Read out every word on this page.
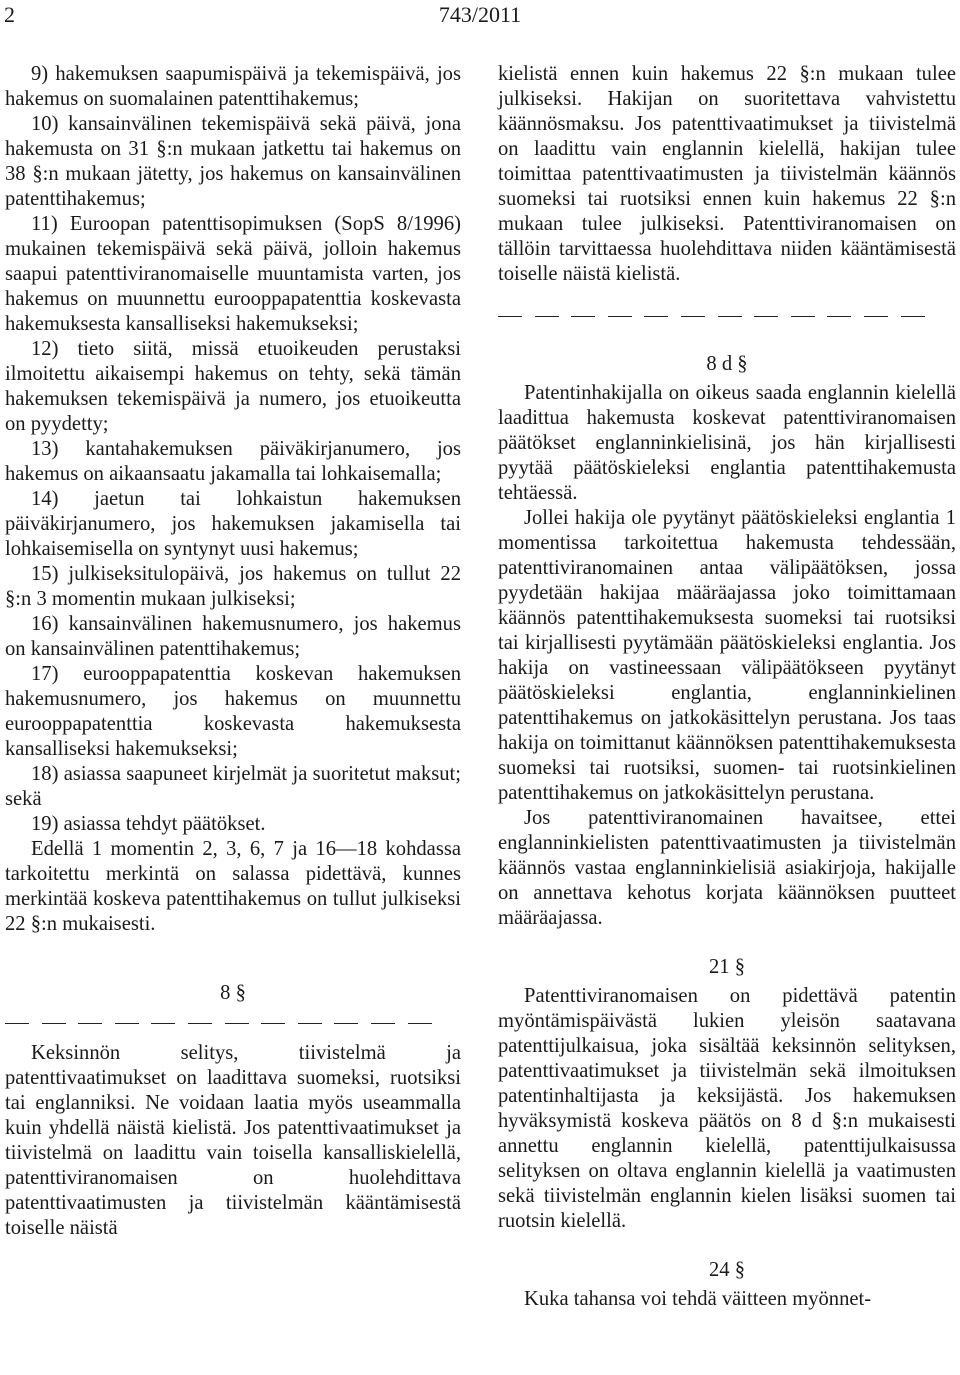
2	743/2011

9) hakemuksen saapumispäivä ja tekemispäivä, jos hakemus on suomalainen patenttihakemus;

10) kansainvälinen tekemispäivä sekä päivä, jona hakemusta on 31 §:n mukaan jatkettu tai hakemus on 38 §:n mukaan jätetty, jos hakemus on kansainvälinen patenttihakemus;

11) Euroopan patenttisopimuksen (SopS 8/1996) mukainen tekemispäivä sekä päivä, jolloin hakemus saapui patenttiviranomaiselle muuntamista varten, jos hakemus on muunnettu eurooppapatenttia koskevasta hakemuksesta kansalliseksi hakemukseksi;

12) tieto siitä, missä etuoikeuden perustaksi ilmoitettu aikaisempi hakemus on tehty, sekä tämän hakemuksen tekemispäivä ja numero, jos etuoikeutta on pyydetty;

13) kantahakemuksen päiväkirjanumero, jos hakemus on aikaansaatu jakamalla tai lohkaisemalla;

14) jaetun tai lohkaistun hakemuksen päiväkirjanumero, jos hakemuksen jakamisella tai lohkaisemisella on syntynyt uusi hakemus;

15) julkiseksitulopäivä, jos hakemus on tullut 22 §:n 3 momentin mukaan julkiseksi;

16) kansainvälinen hakemusnumero, jos hakemus on kansainvälinen patenttihakemus;

17) eurooppapatenttia koskevan hakemuksen hakemusnumero, jos hakemus on muunnettu eurooppapatenttia koskevasta hakemuksesta kansalliseksi hakemukseksi;

18) asiassa saapuneet kirjelmät ja suoritetut maksut; sekä

19) asiassa tehdyt päätökset.

Edellä 1 momentin 2, 3, 6, 7 ja 16—18 kohdassa tarkoitettu merkintä on salassa pidettävä, kunnes merkintää koskeva patenttihakemus on tullut julkiseksi 22 §:n mukaisesti.

8 §

Keksinnön selitys, tiivistelmä ja patenttivaatimukset on laadittava suomeksi, ruotsiksi tai englanniksi. Ne voidaan laatia myös useammalla kuin yhdellä näistä kielistä. Jos patenttivaatimukset ja tiivistelmä on laadittu vain toisella kansalliskielellä, patenttiviranomaisen on huolehdittava patenttivaatimusten ja tiivistelmän kääntämisestä toiselle näistä

kielistä ennen kuin hakemus 22 §:n mukaan tulee julkiseksi. Hakijan on suoritettava vahvistettu käännösmaksu. Jos patenttivaatimukset ja tiivistelmä on laadittu vain englannin kielellä, hakijan tulee toimittaa patenttivaatimusten ja tiivistelmän käännös suomeksi tai ruotsiksi ennen kuin hakemus 22 §:n mukaan tulee julkiseksi. Patenttiviranomaisen on tällöin tarvittaessa huolehdittava niiden kääntämisestä toiselle näistä kielistä.

8 d §

Patentinhakijalla on oikeus saada englannin kielellä laadittua hakemusta koskevat patenttiviranomaisen päätökset englanninkielisinä, jos hän kirjallisesti pyytää päätöskieleksi englantia patenttihakemusta tehtäessä.

Jollei hakija ole pyytänyt päätöskieleksi englantia 1 momentissa tarkoitettua hakemusta tehdessään, patenttiviranomainen antaa välipäätöksen, jossa pyydetään hakijaa määräajassa joko toimittamaan käännös patenttihakemuksesta suomeksi tai ruotsiksi tai kirjallisesti pyytämään päätöskieleksi englantia. Jos hakija on vastineessaan välipäätökseen pyytänyt päätöskieleksi englantia, englanninkielinen patenttihakemus on jatkokäsittelyn perustana. Jos taas hakija on toimittanut käännöksen patenttihakemuksesta suomeksi tai ruotsiksi, suomen- tai ruotsinkielinen patenttihakemus on jatkokäsittelyn perustana.

Jos patenttiviranomainen havaitsee, ettei englanninkielisten patenttivaatimusten ja tiivistelmän käännös vastaa englanninkielisiä asiakirjoja, hakijalle on annettava kehotus korjata käännöksen puutteet määräajassa.

21 §

Patenttiviranomaisen on pidettävä patentin myöntämispäivästä lukien yleisön saatavana patenttijulkaisua, joka sisältää keksinnön selityksen, patenttivaatimukset ja tiivistelmän sekä ilmoituksen patentinhaltijasta ja keksijästä. Jos hakemuksen hyväksymistä koskeva päätös on 8 d §:n mukaisesti annettu englannin kielellä, patenttijulkaisussa selityksen on oltava englannin kielellä ja vaatimusten sekä tiivistelmän englannin kielen lisäksi suomen tai ruotsin kielellä.

24 §

Kuka tahansa voi tehdä väitteen myönnet-
